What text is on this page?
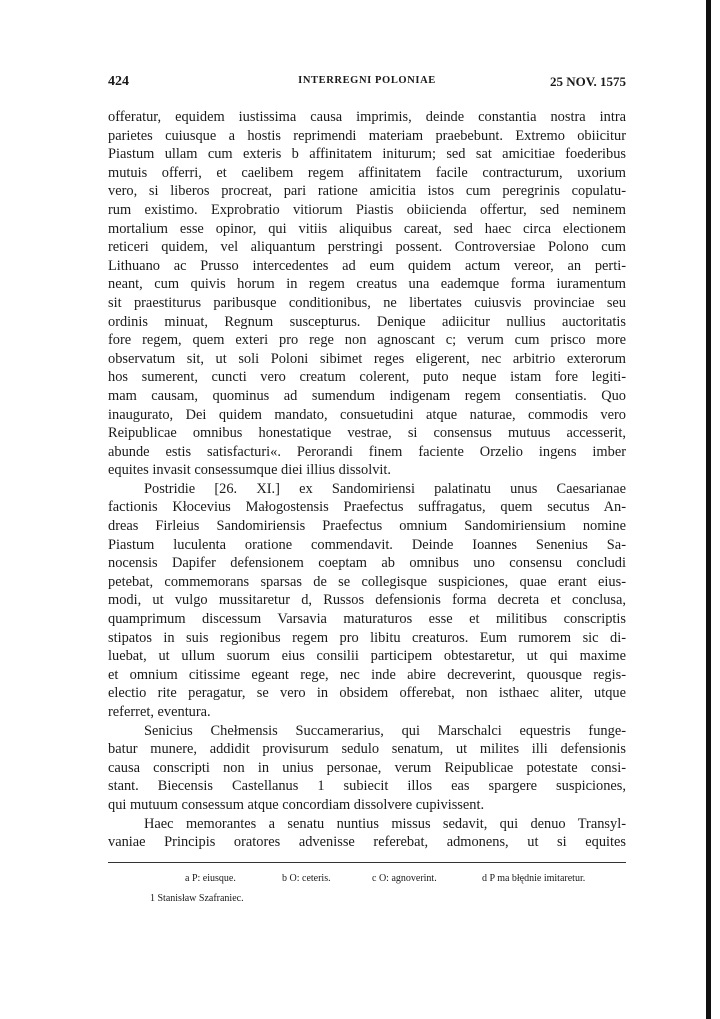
424	INTERREGNI POLONIAE	25 NOV. 1575
offeratur, equidem iustissima causa imprimis, deinde constantia nostra intra
parietes cuiusque a hostis reprimendi materiam praebebunt. Extremo obiicitur
Piastum ullam cum exteris b affinitatem initurum; sed sat amicitiae foederibus
mutuis offerri, et caelibem regem affinitatem facile contracturum, uxorium
vero, si liberos procreat, pari ratione amicitia istos cum peregrinis copulatu-
rum existimo. Exprobratio vitiorum Piastis obiicienda offertur, sed neminem
mortalium esse opinor, qui vitiis aliquibus careat, sed haec circa electionem
reticeri quidem, vel aliquantum perstringi possent. Controversiae Polono cum
Lithuano ac Prusso intercedentes ad eum quidem actum vereor, an perti-
neant, cum quivis horum in regem creatus una eademque forma iuramentum
sit praestiturus paribusque conditionibus, ne libertates cuiusvis provinciae seu
ordinis minuat, Regnum suscepturus. Denique adiicitur nullius auctoritatis
fore regem, quem exteri pro rege non agnoscant c; verum cum prisco more
observatum sit, ut soli Poloni sibimet reges eligerent, nec arbitrio exterorum
hos sumerent, cuncti vero creatum colerent, puto neque istam fore legiti-
mam causam, quominus ad sumendum indigenam regem consentiatis. Quo
inaugurato, Dei quidem mandato, consuetudini atque naturae, commodis vero
Reipublicae omnibus honestatique vestrae, si consensus mutuus accesserit,
abunde estis satisfacturi«. Perorandi finem faciente Orzelio ingens imber
equites invasit consessumque diei illius dissolvit.
Postridie [26. XI.] ex Sandomiriensi palatinatu unus Caesarianae
factionis Kłocevius Małogostensis Praefectus suffragatus, quem secutus An-
dreas Firleius Sandomiriensis Praefectus omnium Sandomiriensium nomine
Piastum luculenta oratione commendavit. Deinde Ioannes Senenius Sa-
nocensis Dapifer defensionem coeptam ab omnibus uno consensu concludi
petebat, commemorans sparsas de se collegisque suspiciones, quae erant eius-
modi, ut vulgo mussitaretur d, Russos defensionis forma decreta et conclusa,
quamprimum discessum Varsavia maturaturos esse et militibus conscriptis
stipatos in suis regionibus regem pro libitu creaturos. Eum rumorem sic di-
luebat, ut ullum suorum eius consilii participem obtestaretur, ut qui maxime
et omnium citissime egeant rege, nec inde abire decreverint, quousque regis-
electio rite peragatur, se vero in obsidem offerebat, non isthaec aliter, utque
referret, eventura.
Senicius Chełmensis Succamerarius, qui Marschalci equestris funge-
batur munere, addidit provisurum sedulo senatum, ut milites illi defensionis
causa conscripti non in unius personae, verum Reipublicae potestate consi-
stant. Biecensis Castellanus 1 subiecit illos eas spargere suspiciones,
qui mutuum consessum atque concordiam dissolvere cupivissent.
Haec memorantes a senatu nuntius missus sedavit, qui denuo Transyl-
vaniae Principis oratores advenisse referebat, admonens, ut si equites
a P: eiusque.	b O: ceteris.	c O: agnoverint.	d P ma błędnie imitaretur.
1 Stanisław Szafraniec.
